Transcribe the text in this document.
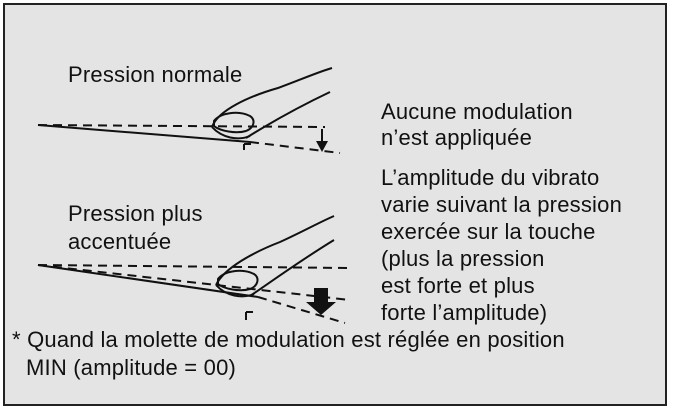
Pression normale
Aucune modulation
n’est appliquée
Pression plus
accentuée
L’amplitude du vibrato
varie suivant la pression
exercée sur la touche
(plus la pression
est forte et plus
forte l’amplitude)
* Quand la molette de modulation est réglée en position
MIN (amplitude = 00)
